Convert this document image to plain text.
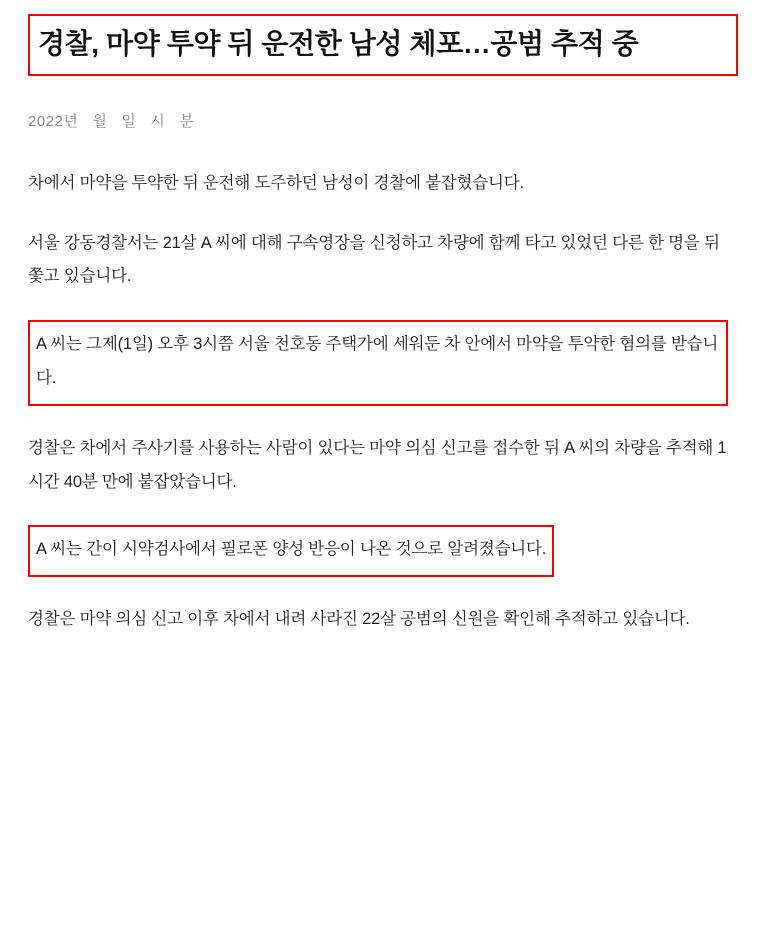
경찰, 마약 투약 뒤 운전한 남성 체포…공범 추적 중
2022년 월 일 시 분

차에서 마약을 투약한 뒤 운전해 도주하던 남성이 경찰에 붙잡혔습니다.

서울 강동경찰서는 21살 A 씨에 대해 구속영장을 신청하고 차량에 함께 타고 있었던 다른 한 명을 뒤쫓고 있습니다.

A 씨는 그제(1일) 오후 3시쯤 서울 천호동 주택가에 세워둔 차 안에서 마약을 투약한 혐의를 받습니다.

경찰은 차에서 주사기를 사용하는 사람이 있다는 마약 의심 신고를 접수한 뒤 A 씨의 차량을 추적해 1시간 40분 만에 붙잡았습니다.

A 씨는 간이 시약검사에서 필로폰 양성 반응이 나온 것으로 알려졌습니다.

경찰은 마약 의심 신고 이후 차에서 내려 사라진 22살 공범의 신원을 확인해 추적하고 있습니다.
